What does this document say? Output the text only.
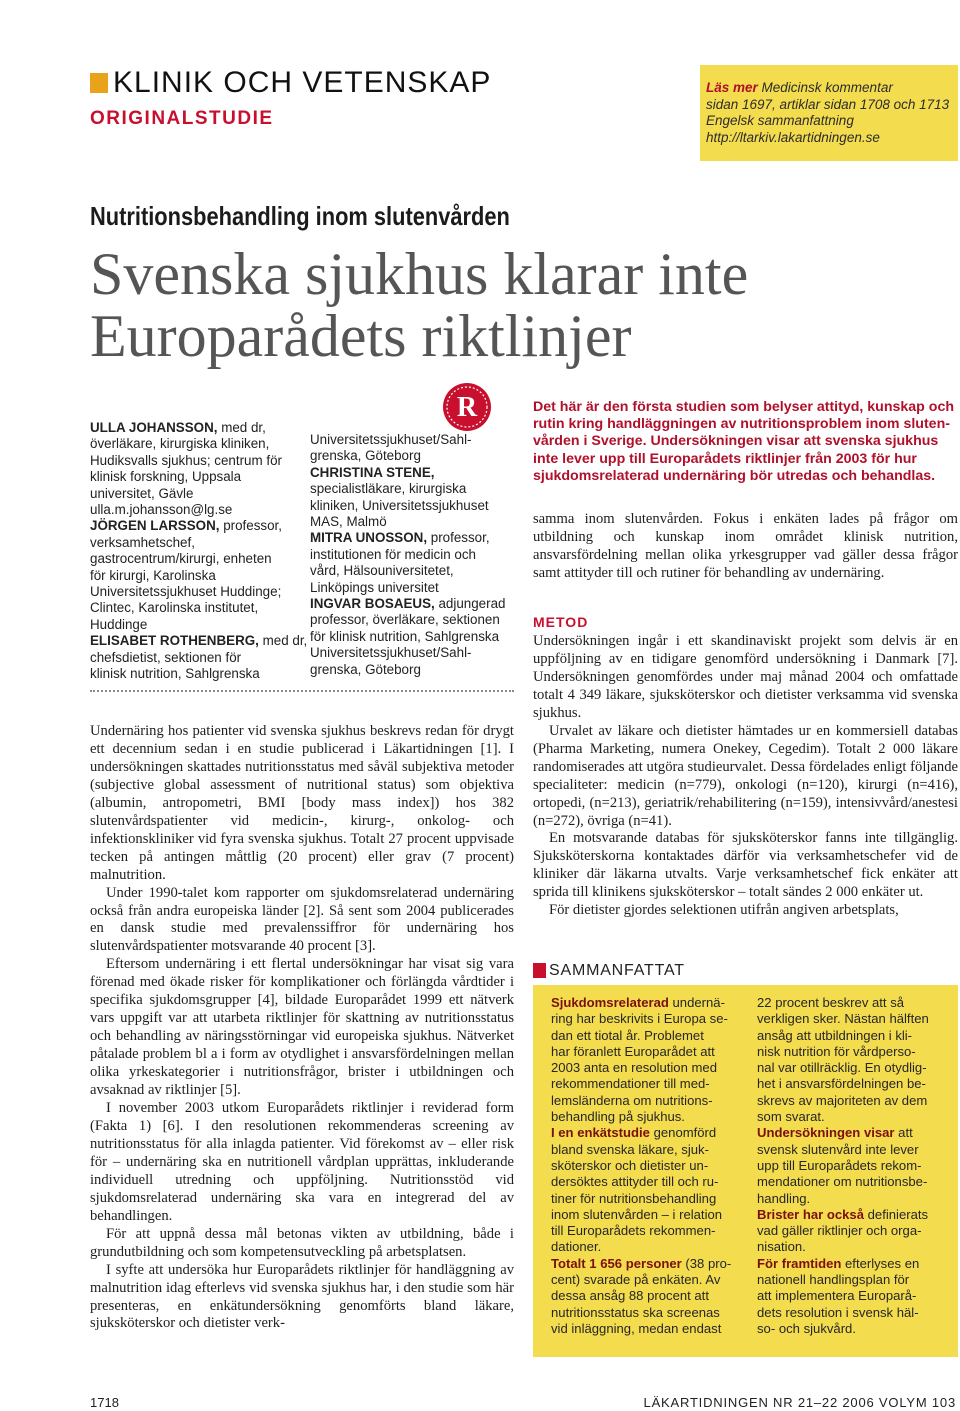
KLINIK OCH VETENSKAP
ORIGINALSTUDIE
Läs mer Medicinsk kommentar
sidan 1697, artiklar sidan 1708 och 1713
Engelsk sammanfattning
http://ltarkiv.lakartidningen.se
Nutritionsbehandling inom slutenvården
Svenska sjukhus klarar inte
Europarådets riktlinjer
R
ULLA JOHANSSON, med dr,
överläkare, kirurgiska kliniken,
Hudiksvalls sjukhus; centrum för
klinisk forskning, Uppsala
universitet, Gävle
ulla.m.johansson@lg.se
JÖRGEN LARSSON, professor,
verksamhetschef,
gastrocentrum/kirurgi, enheten
för kirurgi, Karolinska
Universitetssjukhuset Huddinge;
Clintec, Karolinska institutet,
Huddinge
ELISABET ROTHENBERG, med dr,
chefsdietist, sektionen för
klinisk nutrition, Sahlgrenska
Universitetssjukhuset/Sahl-
grenska, Göteborg
CHRISTINA STENE,
specialistläkare, kirurgiska
kliniken, Universitetssjukhuset
MAS, Malmö
MITRA UNOSSON, professor,
institutionen för medicin och
vård, Hälsouniversitetet,
Linköpings universitet
INGVAR BOSAEUS, adjungerad
professor, överläkare, sektionen
för klinisk nutrition, Sahlgrenska
Universitetssjukhuset/Sahl-
grenska, Göteborg
Det här är den första studien som belyser attityd, kunskap och
rutin kring handläggningen av nutritionsproblem inom sluten-
vården i Sverige. Undersökningen visar att svenska sjukhus
inte lever upp till Europarådets riktlinjer från 2003 för hur
sjukdomsrelaterad undernäring bör utredas och behandlas.

Undernäring hos patienter vid svenska sjukhus beskrevs redan för drygt ett decennium sedan i en studie publicerad i Läkartidningen [1]. I undersökningen skattades nutritionsstatus med såväl subjektiva metoder (subjective global assessment of nutritional status) som objektiva (albumin, antropometri, BMI [body mass index]) hos 382 slutenvårdspatienter vid medicin-, kirurg-, onkolog- och infektionskliniker vid fyra svenska sjukhus. Totalt 27 procent uppvisade tecken på antingen måttlig (20 procent) eller grav (7 procent) malnutrition.

Under 1990-talet kom rapporter om sjukdomsrelaterad undernäring också från andra europeiska länder [2]. Så sent som 2004 publicerades en dansk studie med prevalenssiffror för undernäring hos slutenvårdspatienter motsvarande 40 procent [3].

Eftersom undernäring i ett flertal undersökningar har visat sig vara förenad med ökade risker för komplikationer och förlängda vårdtider i specifika sjukdomsgrupper [4], bildade Europarådet 1999 ett nätverk vars uppgift var att utarbeta riktlinjer för skattning av nutritionsstatus och behandling av näringsstörningar vid europeiska sjukhus. Nätverket påtalade problem bl a i form av otydlighet i ansvarsfördelningen mellan olika yrkeskategorier i nutritionsfrågor, brister i utbildningen och avsaknad av riktlinjer [5].

I november 2003 utkom Europarådets riktlinjer i reviderad form (Fakta 1) [6]. I den resolutionen rekommenderas screening av nutritionsstatus för alla inlagda patienter. Vid förekomst av – eller risk för – undernäring ska en nutritionell vårdplan upprättas, inkluderande individuell utredning och uppföljning. Nutritionsstöd vid sjukdomsrelaterad undernäring ska vara en integrerad del av behandlingen.

För att uppnå dessa mål betonas vikten av utbildning, både i grundutbildning och som kompetensutveckling på arbetsplatsen.

I syfte att undersöka hur Europarådets riktlinjer för handläggning av malnutrition idag efterlevs vid svenska sjukhus har, i den studie som här presenteras, en enkätundersökning genomförts bland läkare, sjuksköterskor och dietister verk-

samma inom slutenvården. Fokus i enkäten lades på frågor om utbildning och kunskap inom området klinisk nutrition, ansvarsfördelning mellan olika yrkesgrupper vad gäller dessa frågor samt attityder till och rutiner för behandling av undernäring.

METOD

Undersökningen ingår i ett skandinaviskt projekt som delvis är en uppföljning av en tidigare genomförd undersökning i Danmark [7]. Undersökningen genomfördes under maj månad 2004 och omfattade totalt 4 349 läkare, sjuksköterskor och dietister verksamma vid svenska sjukhus.

Urvalet av läkare och dietister hämtades ur en kommersiell databas (Pharma Marketing, numera Onekey, Cegedim). Totalt 2 000 läkare randomiserades att utgöra studieurvalet. Dessa fördelades enligt följande specialiteter: medicin (n=779), onkologi (n=120), kirurgi (n=416), ortopedi, (n=213), geriatrik/rehabilitering (n=159), intensivvård/anestesi (n=272), övriga (n=41).

En motsvarande databas för sjuksköterskor fanns inte tillgänglig. Sjuksköterskorna kontaktades därför via verksamhetschefer vid de kliniker där läkarna utvalts. Varje verksamhetschef fick enkäter att sprida till klinikens sjuksköterskor – totalt sändes 2 000 enkäter ut.

För dietister gjordes selektionen utifrån angiven arbetsplats,

SAMMANFATTAT
Sjukdomsrelaterad undernä-
ring har beskrivits i Europa se-
dan ett tiotal år. Problemet
har föranlett Europarådet att
2003 anta en resolution med
rekommendationer till med-
lemsländerna om nutritions-
behandling på sjukhus.
I en enkätstudie genomförd
bland svenska läkare, sjuk-
sköterskor och dietister un-
dersöktes attityder till och ru-
tiner för nutritionsbehandling
inom slutenvården – i relation
till Europarådets rekommen-
dationer.
Totalt 1 656 personer (38 pro-
cent) svarade på enkäten. Av
dessa ansåg 88 procent att
nutritionsstatus ska screenas
vid inläggning, medan endast
22 procent beskrev att så
verkligen sker. Nästan hälften
ansåg att utbildningen i kli-
nisk nutrition för vårdperso-
nal var otillräcklig. En otydlig-
het i ansvarsfördelningen be-
skrevs av majoriteten av dem
som svarat.
Undersökningen visar att
svensk slutenvård inte lever
upp till Europarådets rekom-
mendationer om nutritionsbe-
handling.
Brister har också definierats
vad gäller riktlinjer och orga-
nisation.
För framtiden efterlyses en
nationell handlingsplan för
att implementera Europarå-
dets resolution i svensk häl-
so- och sjukvård.
1718	LÄKARTIDNINGEN NR 21–22 2006 VOLYM 103
